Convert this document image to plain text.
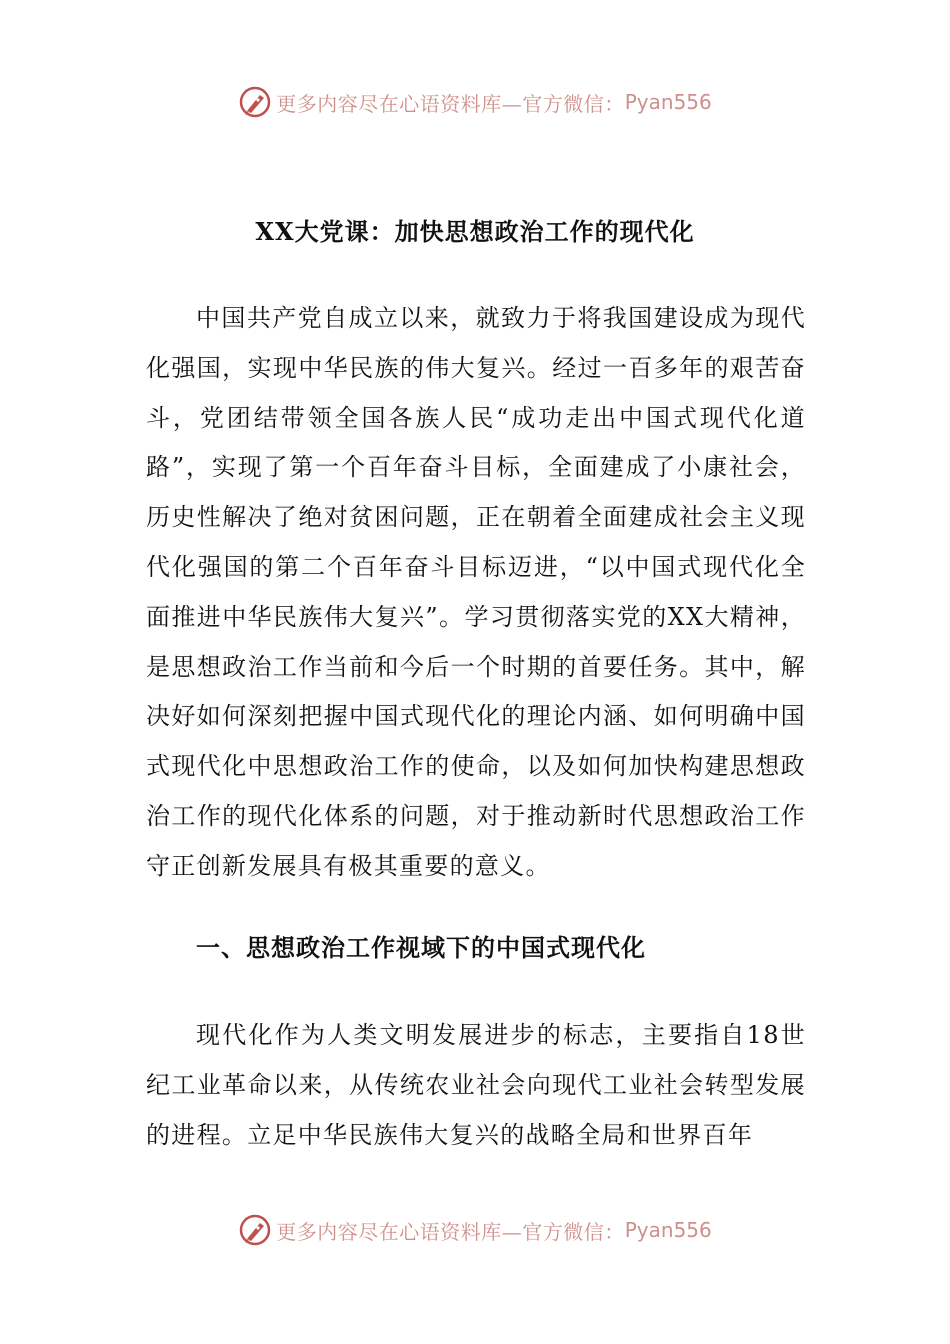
更多内容尽在心语资料库—官方微信： Pyan556
XX大党课：加快思想政治工作的现代化

中国共产党自成立以来，就致力于将我国建设成为现代化强国，实现中华民族的伟大复兴。经过一百多年的艰苦奋斗，党团结带领全国各族人民“成功走出中国式现代化道路”，实现了第一个百年奋斗目标，全面建成了小康社会，历史性解决了绝对贫困问题，正在朝着全面建成社会主义现代化强国的第二个百年奋斗目标迈进，“以中国式现代化全面推进中华民族伟大复兴”。学习贯彻落实党的XX大精神，是思想政治工作当前和今后一个时期的首要任务。其中，解决好如何深刻把握中国式现代化的理论内涵、如何明确中国式现代化中思想政治工作的使命，以及如何加快构建思想政治工作的现代化体系的问题，对于推动新时代思想政治工作守正创新发展具有极其重要的意义。

一、思想政治工作视域下的中国式现代化

现代化作为人类文明发展进步的标志，主要指自18世纪工业革命以来，从传统农业社会向现代工业社会转型发展的进程。立足中华民族伟大复兴的战略全局和世界百年

更多内容尽在心语资料库—官方微信： Pyan556
